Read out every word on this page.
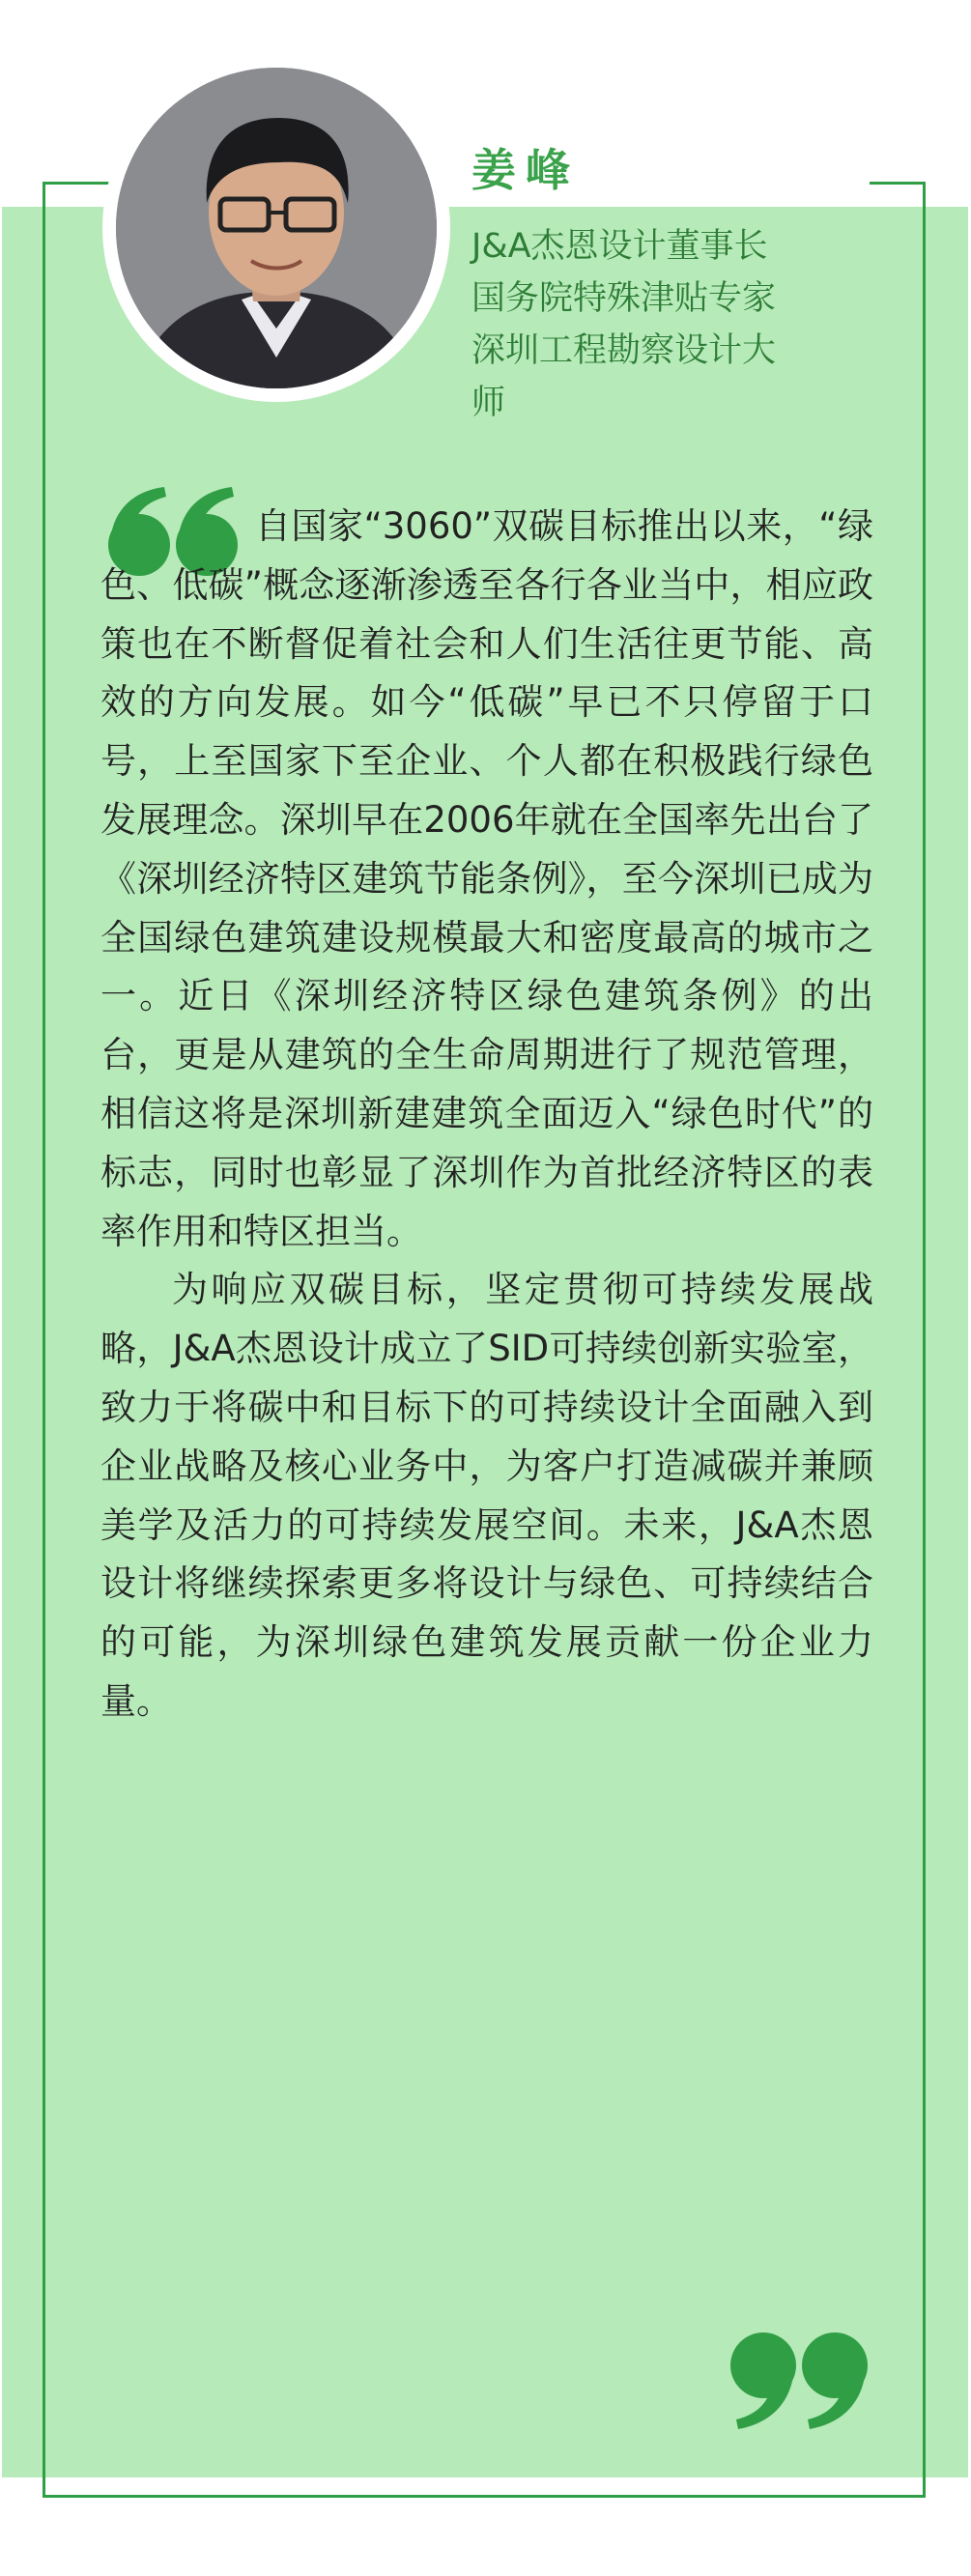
姜峰
J&A杰恩设计董事长
国务院特殊津贴专家
深圳工程勘察设计大
师

自国家“3060”双碳目标推出以来，“绿色、低碳”概念逐渐渗透至各行各业当中，相应政策也在不断督促着社会和人们生活往更节能、高效的方向发展。如今“低碳”早已不只停留于口号，上至国家下至企业、个人都在积极践行绿色发展理念。深圳早在2006年就在全国率先出台了《深圳经济特区建筑节能条例》，至今深圳已成为全国绿色建筑建设规模最大和密度最高的城市之一。近日《深圳经济特区绿色建筑条例》的出台，更是从建筑的全生命周期进行了规范管理，相信这将是深圳新建建筑全面迈入“绿色时代”的标志，同时也彰显了深圳作为首批经济特区的表率作用和特区担当。

为响应双碳目标，坚定贯彻可持续发展战略，J&A杰恩设计成立了SID可持续创新实验室，致力于将碳中和目标下的可持续设计全面融入到企业战略及核心业务中，为客户打造减碳并兼顾美学及活力的可持续发展空间。未来，J&A杰恩设计将继续探索更多将设计与绿色、可持续结合的可能，为深圳绿色建筑发展贡献一份企业力量。
